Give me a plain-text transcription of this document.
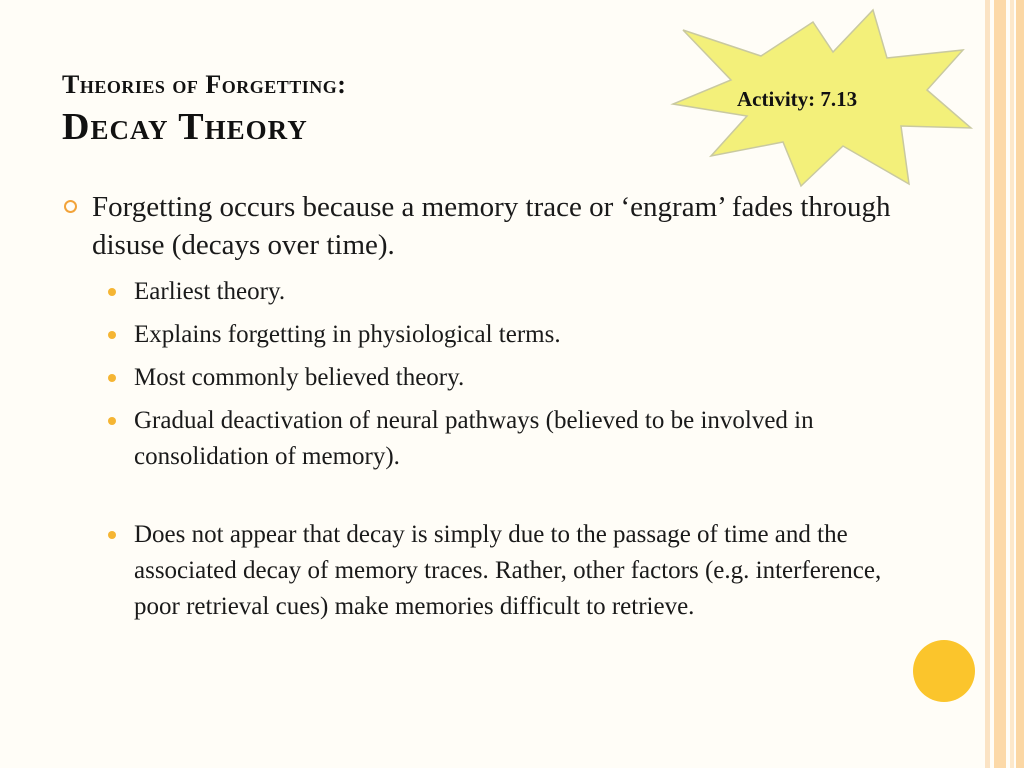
Theories of Forgetting:
Decay Theory
Activity: 7.13

Forgetting occurs because a memory trace or ‘engram’ fades through disuse (decays over time).

Earliest theory.
Explains forgetting in physiological terms.
Most commonly believed theory.
Gradual deactivation of neural pathways (believed to be involved in consolidation of memory).
Does not appear that decay is simply due to the passage of time and the associated decay of memory traces. Rather, other factors (e.g. interference, poor retrieval cues) make memories difficult to retrieve.
